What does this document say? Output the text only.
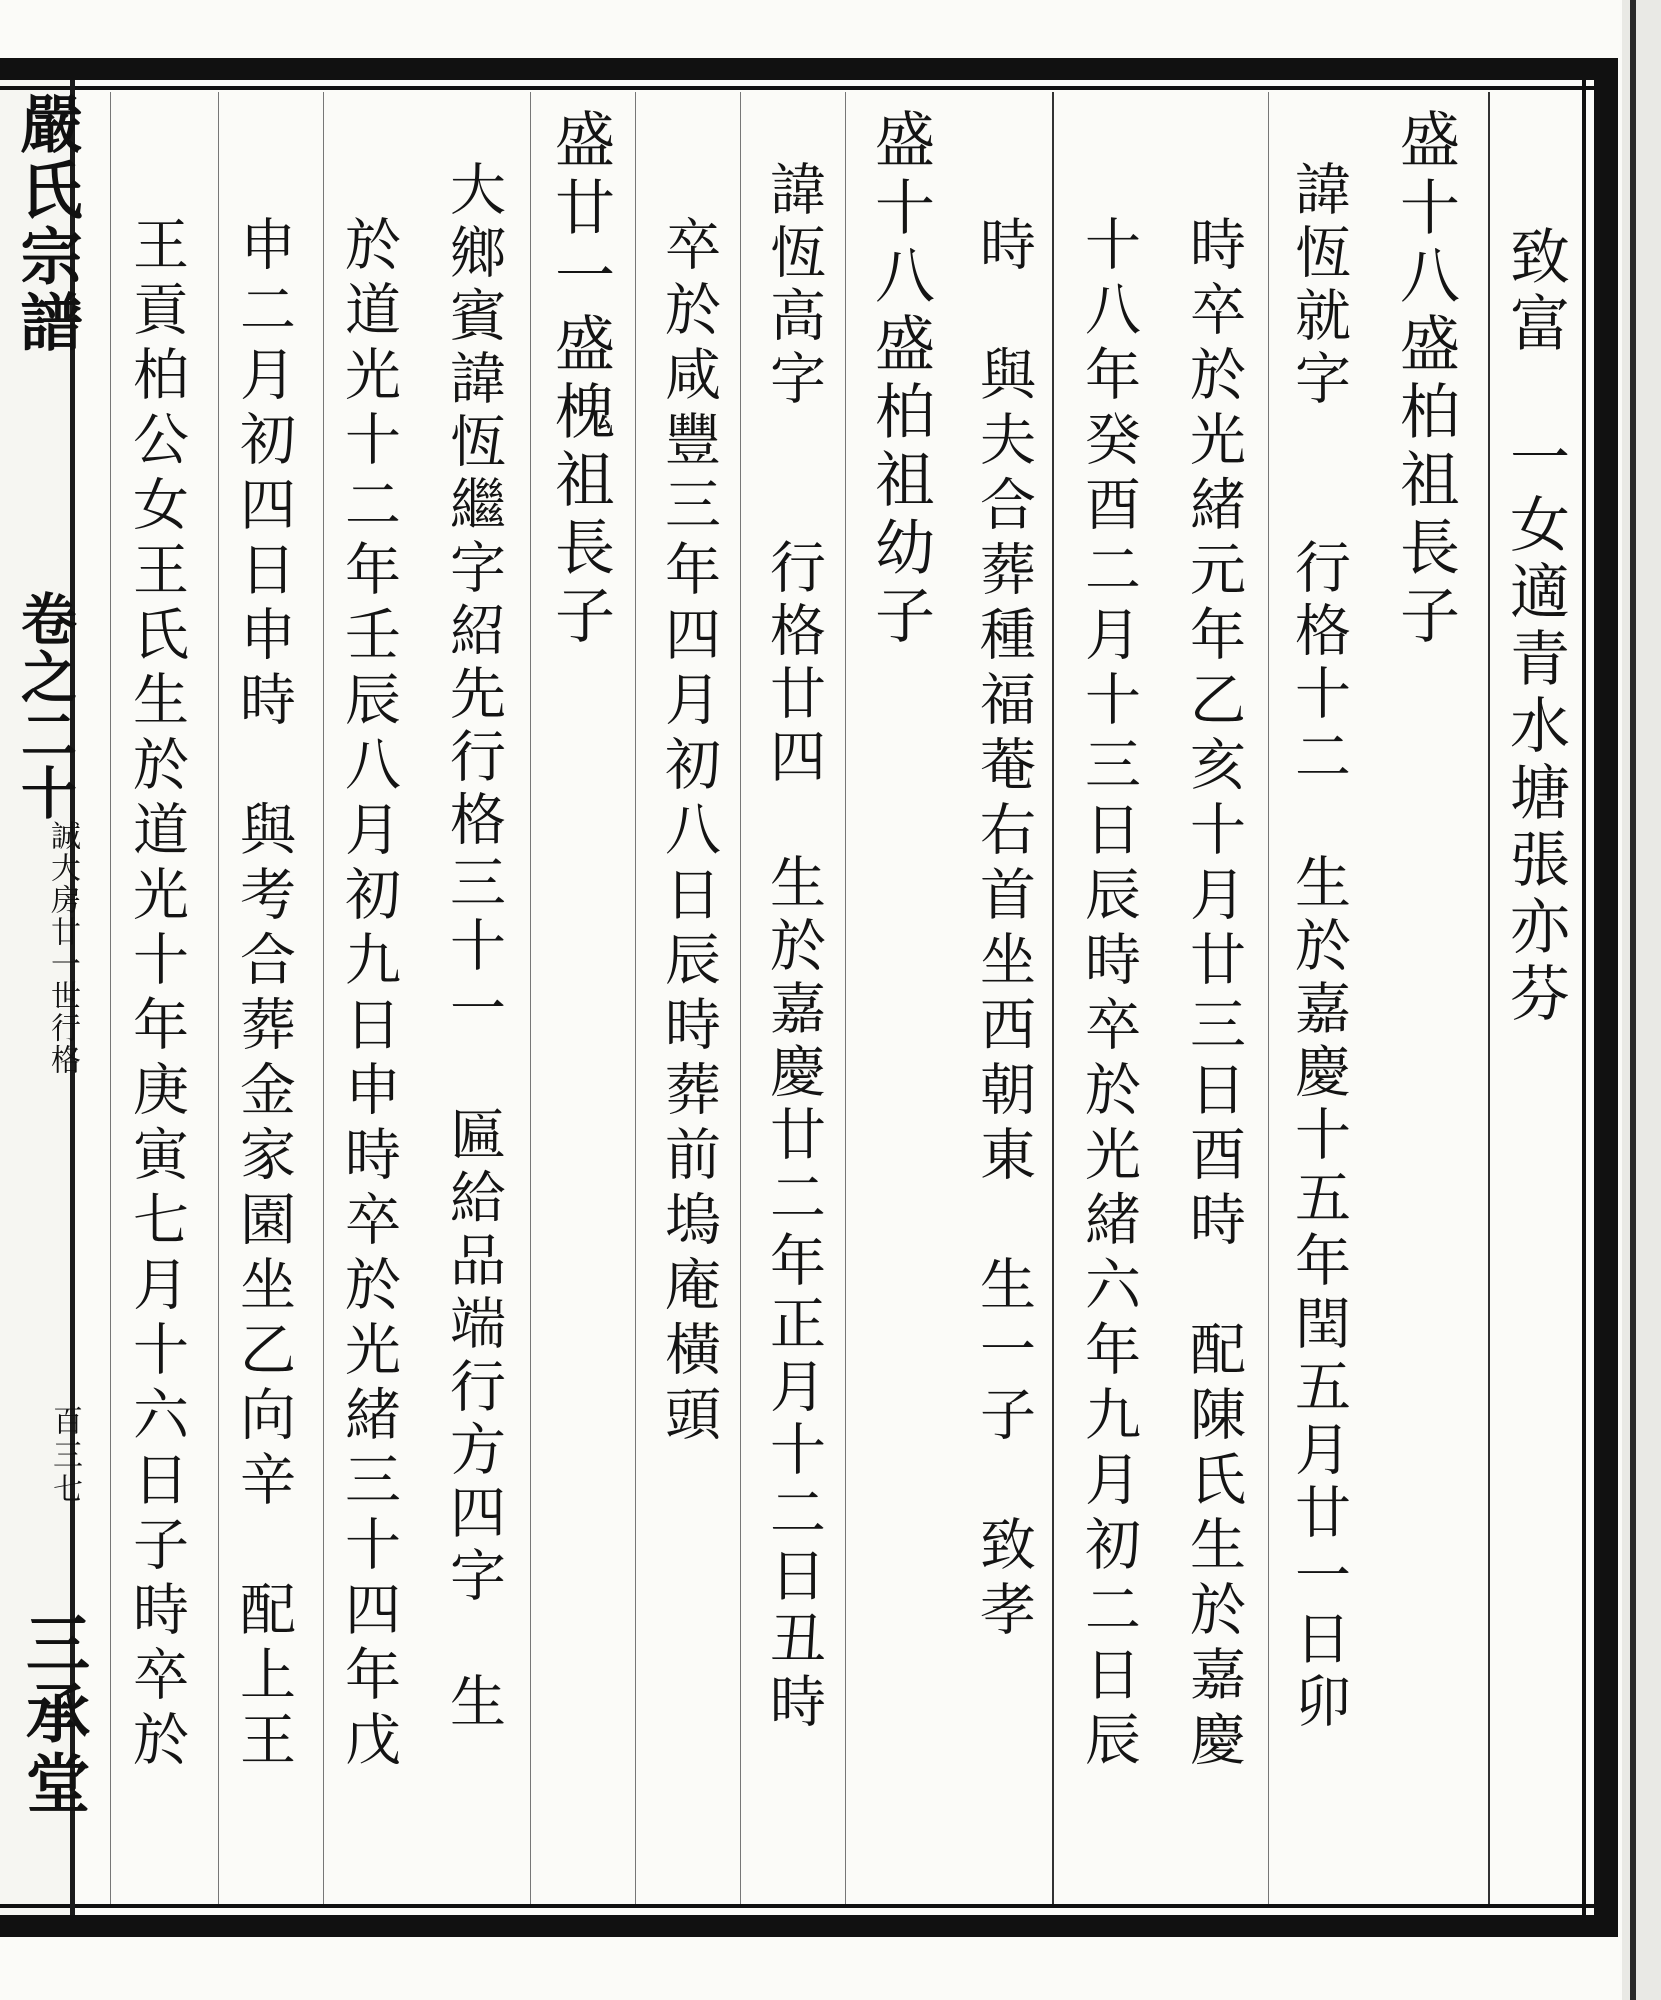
嚴氏宗譜
卷之二十
誠大房廿一世行格
百三七
三承堂
致富　一女適青水塘張亦芬
盛十八盛柏祖長子
諱恆就字　　行格十二　生於嘉慶十五年閏五月廿一日卯
時卒於光緒元年乙亥十月廿三日酉時　配陳氏生於嘉慶
十八年癸酉二月十三日辰時卒於光緒六年九月初二日辰
時　與夫合葬種福菴右首坐西朝東　生一子　致孝
盛十八盛柏祖幼子
諱恆高字　　行格廿四　生於嘉慶廿二年正月十二日丑時
卒於咸豐三年四月初八日辰時葬前塢庵橫頭
盛廿一盛槐祖長子
大鄉賓諱恆繼字紹先行格三十一　匾給品端行方四字　生
於道光十二年壬辰八月初九日申時卒於光緒三十四年戊
申二月初四日申時　與考合葬金家園坐乙向辛　配上王
王貢柏公女王氏生於道光十年庚寅七月十六日子時卒於
